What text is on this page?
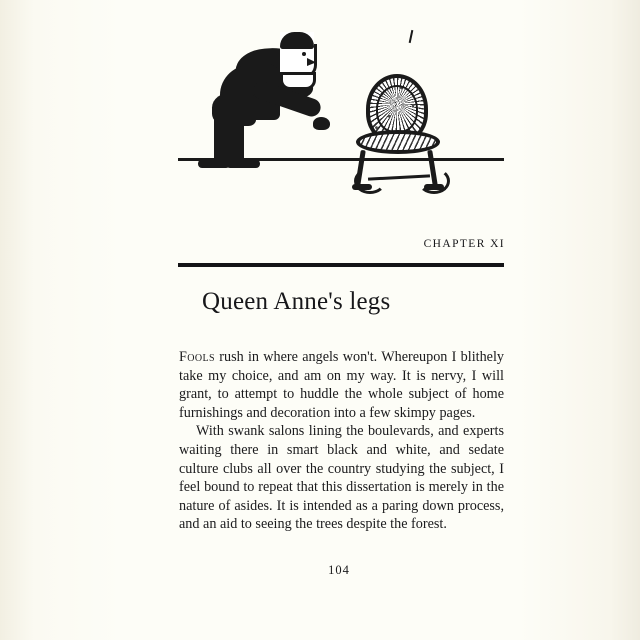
CHAPTER XI
Queen Anne's legs

Fools rush in where angels won't. Whereupon I blithely take my choice, and am on my way. It is nervy, I will grant, to attempt to huddle the whole subject of home furnishings and decoration into a few skimpy pages.

With swank salons lining the boulevards, and experts waiting there in smart black and white, and sedate culture clubs all over the country studying the subject, I feel bound to repeat that this dissertation is merely in the nature of asides. It is intended as a paring down process, and an aid to seeing the trees despite the forest.

104
